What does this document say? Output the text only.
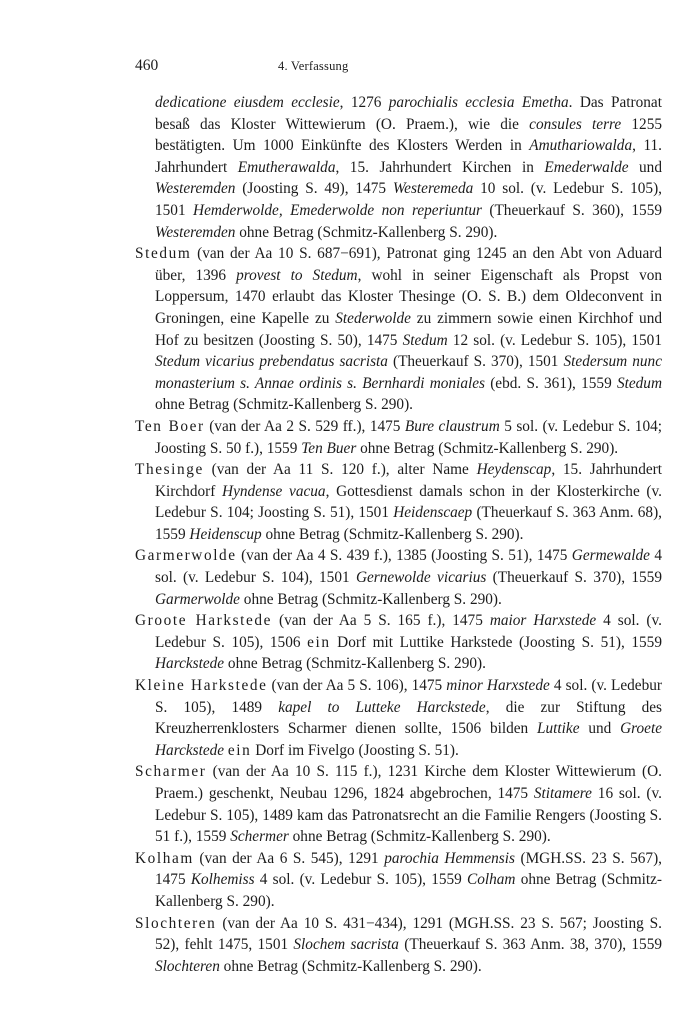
460	4. Verfassung

dedicatione eiusdem ecclesie, 1276 parochialis ecclesia Emetha. Das Patronat besaß das Kloster Wittewierum (O. Praem.), wie die consules terre 1255 bestätigten. Um 1000 Einkünfte des Klosters Werden in Amuthariowalda, 11. Jahrhundert Emutherawalda, 15. Jahrhundert Kirchen in Emederwalde und Westeremden (Joosting S. 49), 1475 Westeremeda 10 sol. (v. Ledebur S. 105), 1501 Hemderwolde, Emederwolde non reperiuntur (Theuerkauf S. 360), 1559 Westeremden ohne Betrag (Schmitz-Kallenberg S. 290).

Stedum (van der Aa 10 S. 687−691), Patronat ging 1245 an den Abt von Aduard über, 1396 provest to Stedum, wohl in seiner Eigenschaft als Propst von Loppersum, 1470 erlaubt das Kloster Thesinge (O. S. B.) dem Oldeconvent in Groningen, eine Kapelle zu Stederwolde zu zimmern sowie einen Kirchhof und Hof zu besitzen (Joosting S. 50), 1475 Stedum 12 sol. (v. Ledebur S. 105), 1501 Stedum vicarius prebendatus sacrista (Theuerkauf S. 370), 1501 Stedersum nunc monasterium s. Annae ordinis s. Bernhardi moniales (ebd. S. 361), 1559 Stedum ohne Betrag (Schmitz-Kallenberg S. 290).

Ten Boer (van der Aa 2 S. 529 ff.), 1475 Bure claustrum 5 sol. (v. Ledebur S. 104; Joosting S. 50 f.), 1559 Ten Buer ohne Betrag (Schmitz-Kallenberg S. 290).

Thesinge (van der Aa 11 S. 120 f.), alter Name Heydenscap, 15. Jahrhundert Kirchdorf Hyndense vacua, Gottesdienst damals schon in der Klosterkirche (v. Ledebur S. 104; Joosting S. 51), 1501 Heidenscaep (Theuerkauf S. 363 Anm. 68), 1559 Heidenscup ohne Betrag (Schmitz-Kallenberg S. 290).

Garmerwolde (van der Aa 4 S. 439 f.), 1385 (Joosting S. 51), 1475 Germewalde 4 sol. (v. Ledebur S. 104), 1501 Gernewolde vicarius (Theuerkauf S. 370), 1559 Garmerwolde ohne Betrag (Schmitz-Kallenberg S. 290).

Groote Harkstede (van der Aa 5 S. 165 f.), 1475 maior Harxstede 4 sol. (v. Ledebur S. 105), 1506 ein Dorf mit Luttike Harkstede (Joosting S. 51), 1559 Harckstede ohne Betrag (Schmitz-Kallenberg S. 290).

Kleine Harkstede (van der Aa 5 S. 106), 1475 minor Harxstede 4 sol. (v. Ledebur S. 105), 1489 kapel to Lutteke Harckstede, die zur Stiftung des Kreuzherrenklosters Scharmer dienen sollte, 1506 bilden Luttike und Groete Harckstede ein Dorf im Fivelgo (Joosting S. 51).

Scharmer (van der Aa 10 S. 115 f.), 1231 Kirche dem Kloster Wittewierum (O. Praem.) geschenkt, Neubau 1296, 1824 abgebrochen, 1475 Stitamere 16 sol. (v. Ledebur S. 105), 1489 kam das Patronatsrecht an die Familie Rengers (Joosting S. 51 f.), 1559 Schermer ohne Betrag (Schmitz-Kallenberg S. 290).

Kolham (van der Aa 6 S. 545), 1291 parochia Hemmensis (MGH.SS. 23 S. 567), 1475 Kolhemiss 4 sol. (v. Ledebur S. 105), 1559 Colham ohne Betrag (Schmitz-Kallenberg S. 290).

Slochteren (van der Aa 10 S. 431−434), 1291 (MGH.SS. 23 S. 567; Joosting S. 52), fehlt 1475, 1501 Slochem sacrista (Theuerkauf S. 363 Anm. 38, 370), 1559 Slochteren ohne Betrag (Schmitz-Kallenberg S. 290).
